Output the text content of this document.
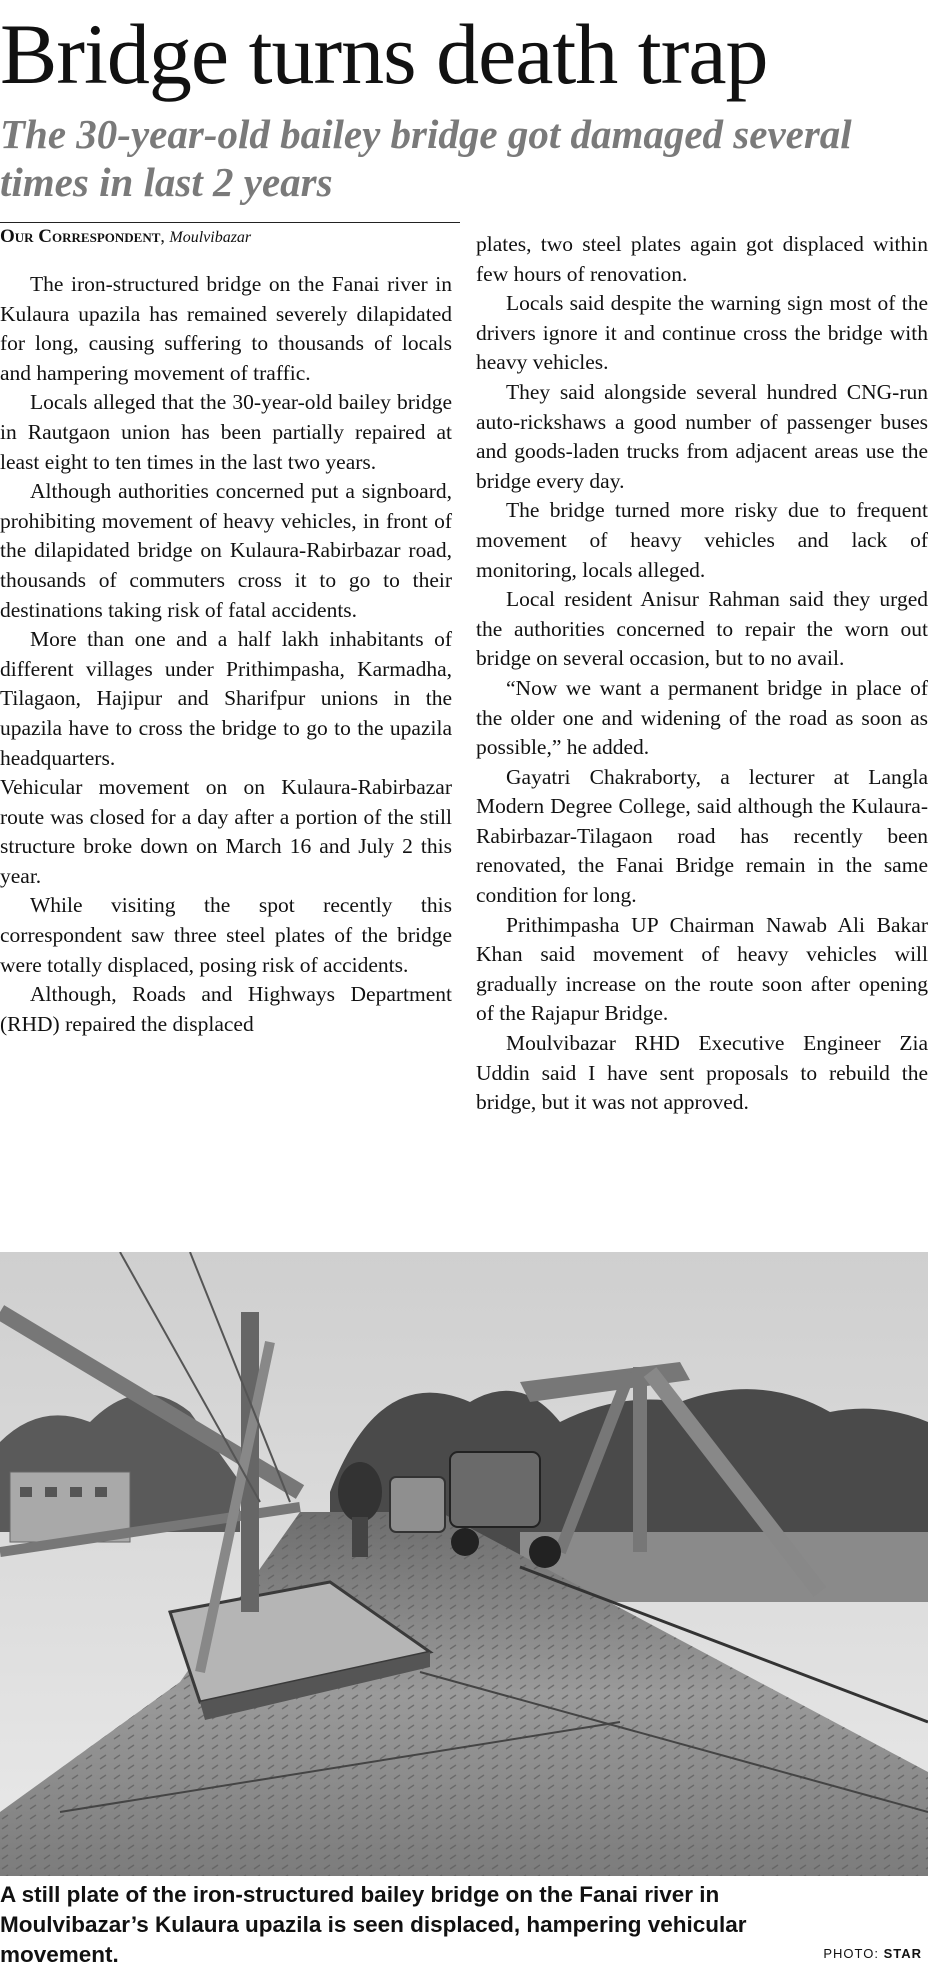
Bridge turns death trap
The 30-year-old bailey bridge got damaged several times in last 2 years
Our Correspondent, Moulvibazar

The iron-structured bridge on the Fanai river in Kulaura upazila has remained severely dilapidated for long, causing suffering to thousands of locals and hampering movement of traffic.

Locals alleged that the 30-year-old bailey bridge in Rautgaon union has been partially repaired at least eight to ten times in the last two years.

Although authorities concerned put a signboard, prohibiting movement of heavy vehicles, in front of the dilapidated bridge on Kulaura-Rabirbazar road, thousands of commuters cross it to go to their destinations taking risk of fatal accidents.

More than one and a half lakh inhabitants of different villages under Prithimpasha, Karmadha, Tilagaon, Hajipur and Sharifpur unions in the upazila have to cross the bridge to go to the upazila headquarters.

Vehicular movement on on Kulaura-Rabirbazar route was closed for a day after a portion of the still structure broke down on March 16 and July 2 this year.

While visiting the spot recently this correspondent saw three steel plates of the bridge were totally displaced, posing risk of accidents.

Although, Roads and Highways Department (RHD) repaired the displaced

plates, two steel plates again got displaced within few hours of renovation.

Locals said despite the warning sign most of the drivers ignore it and continue cross the bridge with heavy vehicles.

They said alongside several hundred CNG-run auto-rickshaws a good number of passenger buses and goods-laden trucks from adjacent areas use the bridge every day.

The bridge turned more risky due to frequent movement of heavy vehicles and lack of monitoring, locals alleged.

Local resident Anisur Rahman said they urged the authorities concerned to repair the worn out bridge on several occasion, but to no avail.

“Now we want a permanent bridge in place of the older one and widening of the road as soon as possible,” he added.

Gayatri Chakraborty, a lecturer at Langla Modern Degree College, said although the Kulaura-Rabirbazar-Tilagaon road has recently been renovated, the Fanai Bridge remain in the same condition for long.

Prithimpasha UP Chairman Nawab Ali Bakar Khan said movement of heavy vehicles will gradually increase on the route soon after opening of the Rajapur Bridge.

Moulvibazar RHD Executive Engineer Zia Uddin said I have sent proposals to rebuild the bridge, but it was not approved.

A still plate of the iron-structured bailey bridge on the Fanai river in Moulvibazar’s Kulaura upazila is seen displaced, hampering vehicular movement.	PHOTO: STAR
